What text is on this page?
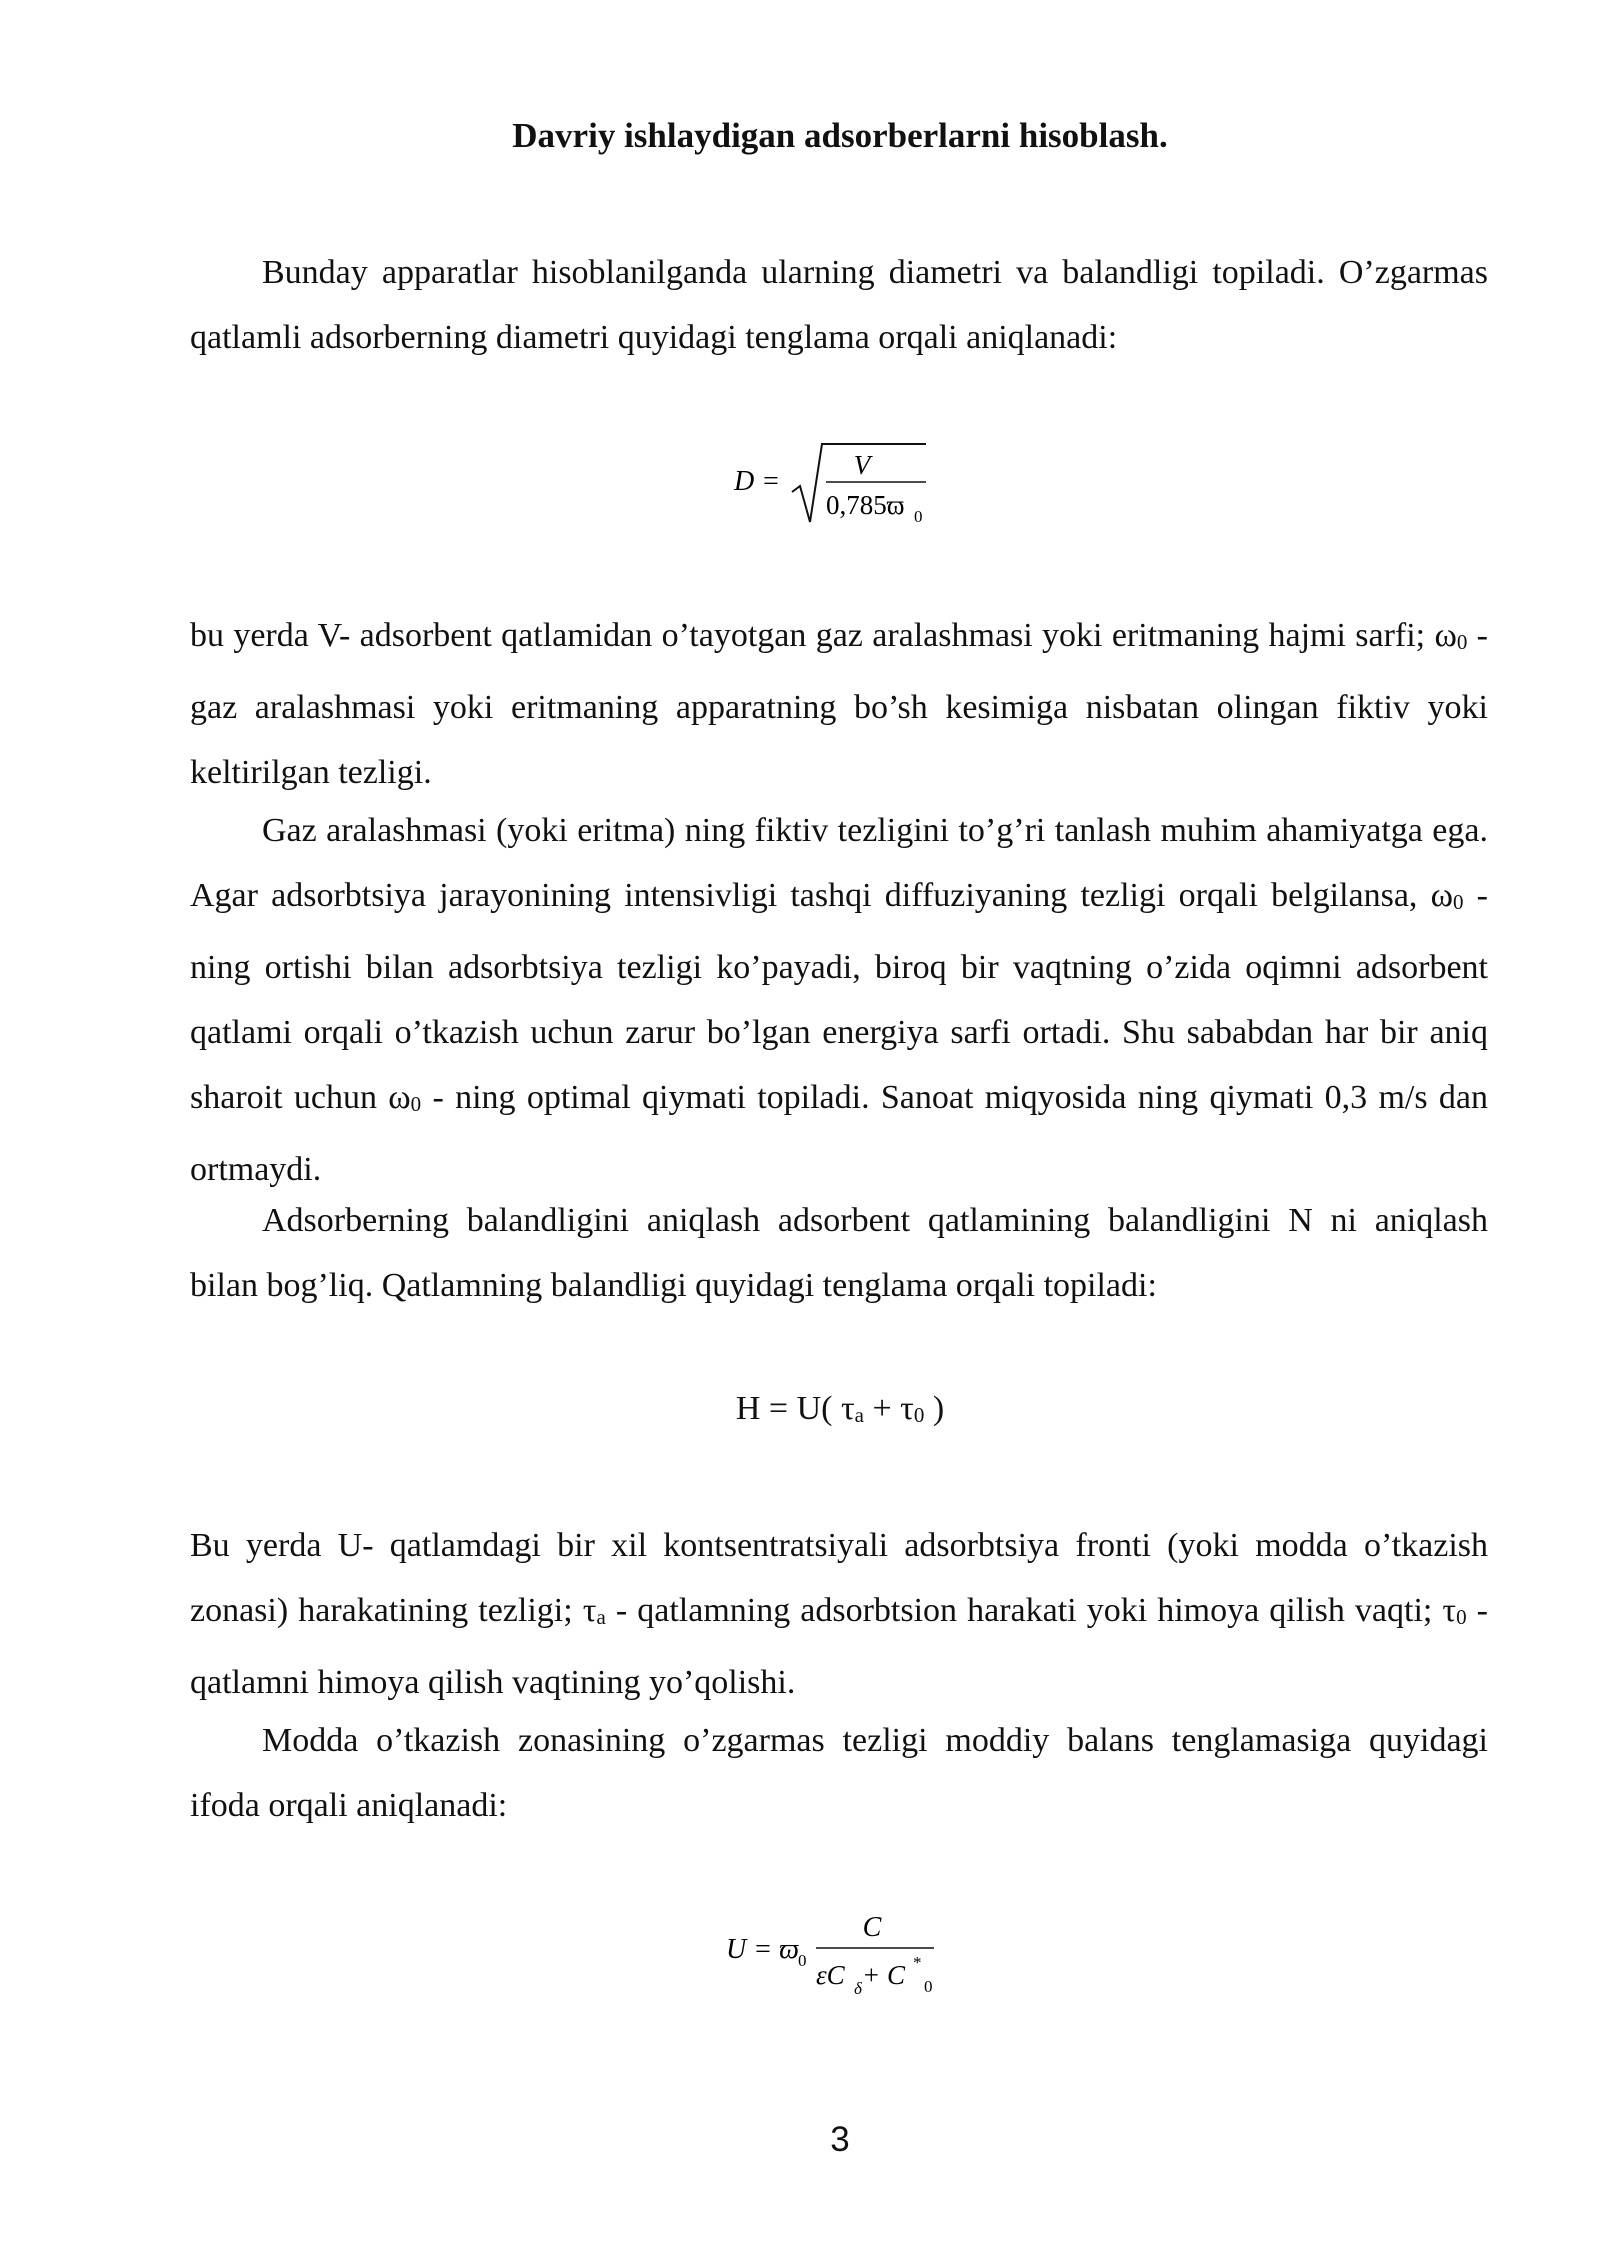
Davriy ishlaydigan adsorberlarni hisoblash.

Bunday apparatlar hisoblanilganda ularning diametri va balandligi topiladi. O’zgarmas qatlamli adsorberning diametri quyidagi tenglama orqali aniqlanadi:

D =
V
0,785ϖ 0

bu yerda V- adsorbent qatlamidan o’tayotgan gaz aralashmasi yoki eritmaning hajmi sarfi; ω0 - gaz aralashmasi yoki eritmaning apparatning bo’sh kesimiga nisbatan olingan fiktiv yoki keltirilgan tezligi.

Gaz aralashmasi (yoki eritma) ning fiktiv tezligini to’g’ri tanlash muhim ahamiyatga ega. Agar adsorbtsiya jarayonining intensivligi tashqi diffuziyaning tezligi orqali belgilansa, ω0 - ning ortishi bilan adsorbtsiya tezligi ko’payadi, biroq bir vaqtning o’zida oqimni adsorbent qatlami orqali o’tkazish uchun zarur bo’lgan energiya sarfi ortadi. Shu sababdan har bir aniq sharoit uchun ω0 - ning optimal qiymati topiladi. Sanoat miqyosida ning qiymati 0,3 m/s dan ortmaydi.

Adsorberning balandligini aniqlash adsorbent qatlamining balandligini N ni aniqlash bilan bog’liq. Qatlamning balandligi quyidagi tenglama orqali topiladi:

H = U( τa + τ0 )

Bu yerda U- qatlamdagi bir xil kontsentratsiyali adsorbtsiya fronti (yoki modda o’tkazish zonasi) harakatining tezligi; τa - qatlamning adsorbtsion harakati yoki himoya qilish vaqti; τ0 - qatlamni himoya qilish vaqtining yo’qolishi.

Modda o’tkazish zonasining o’zgarmas tezligi moddiy balans tenglamasiga quyidagi ifoda orqali aniqlanadi:

U = ϖ 0
C
εC δ + C *
0
3
